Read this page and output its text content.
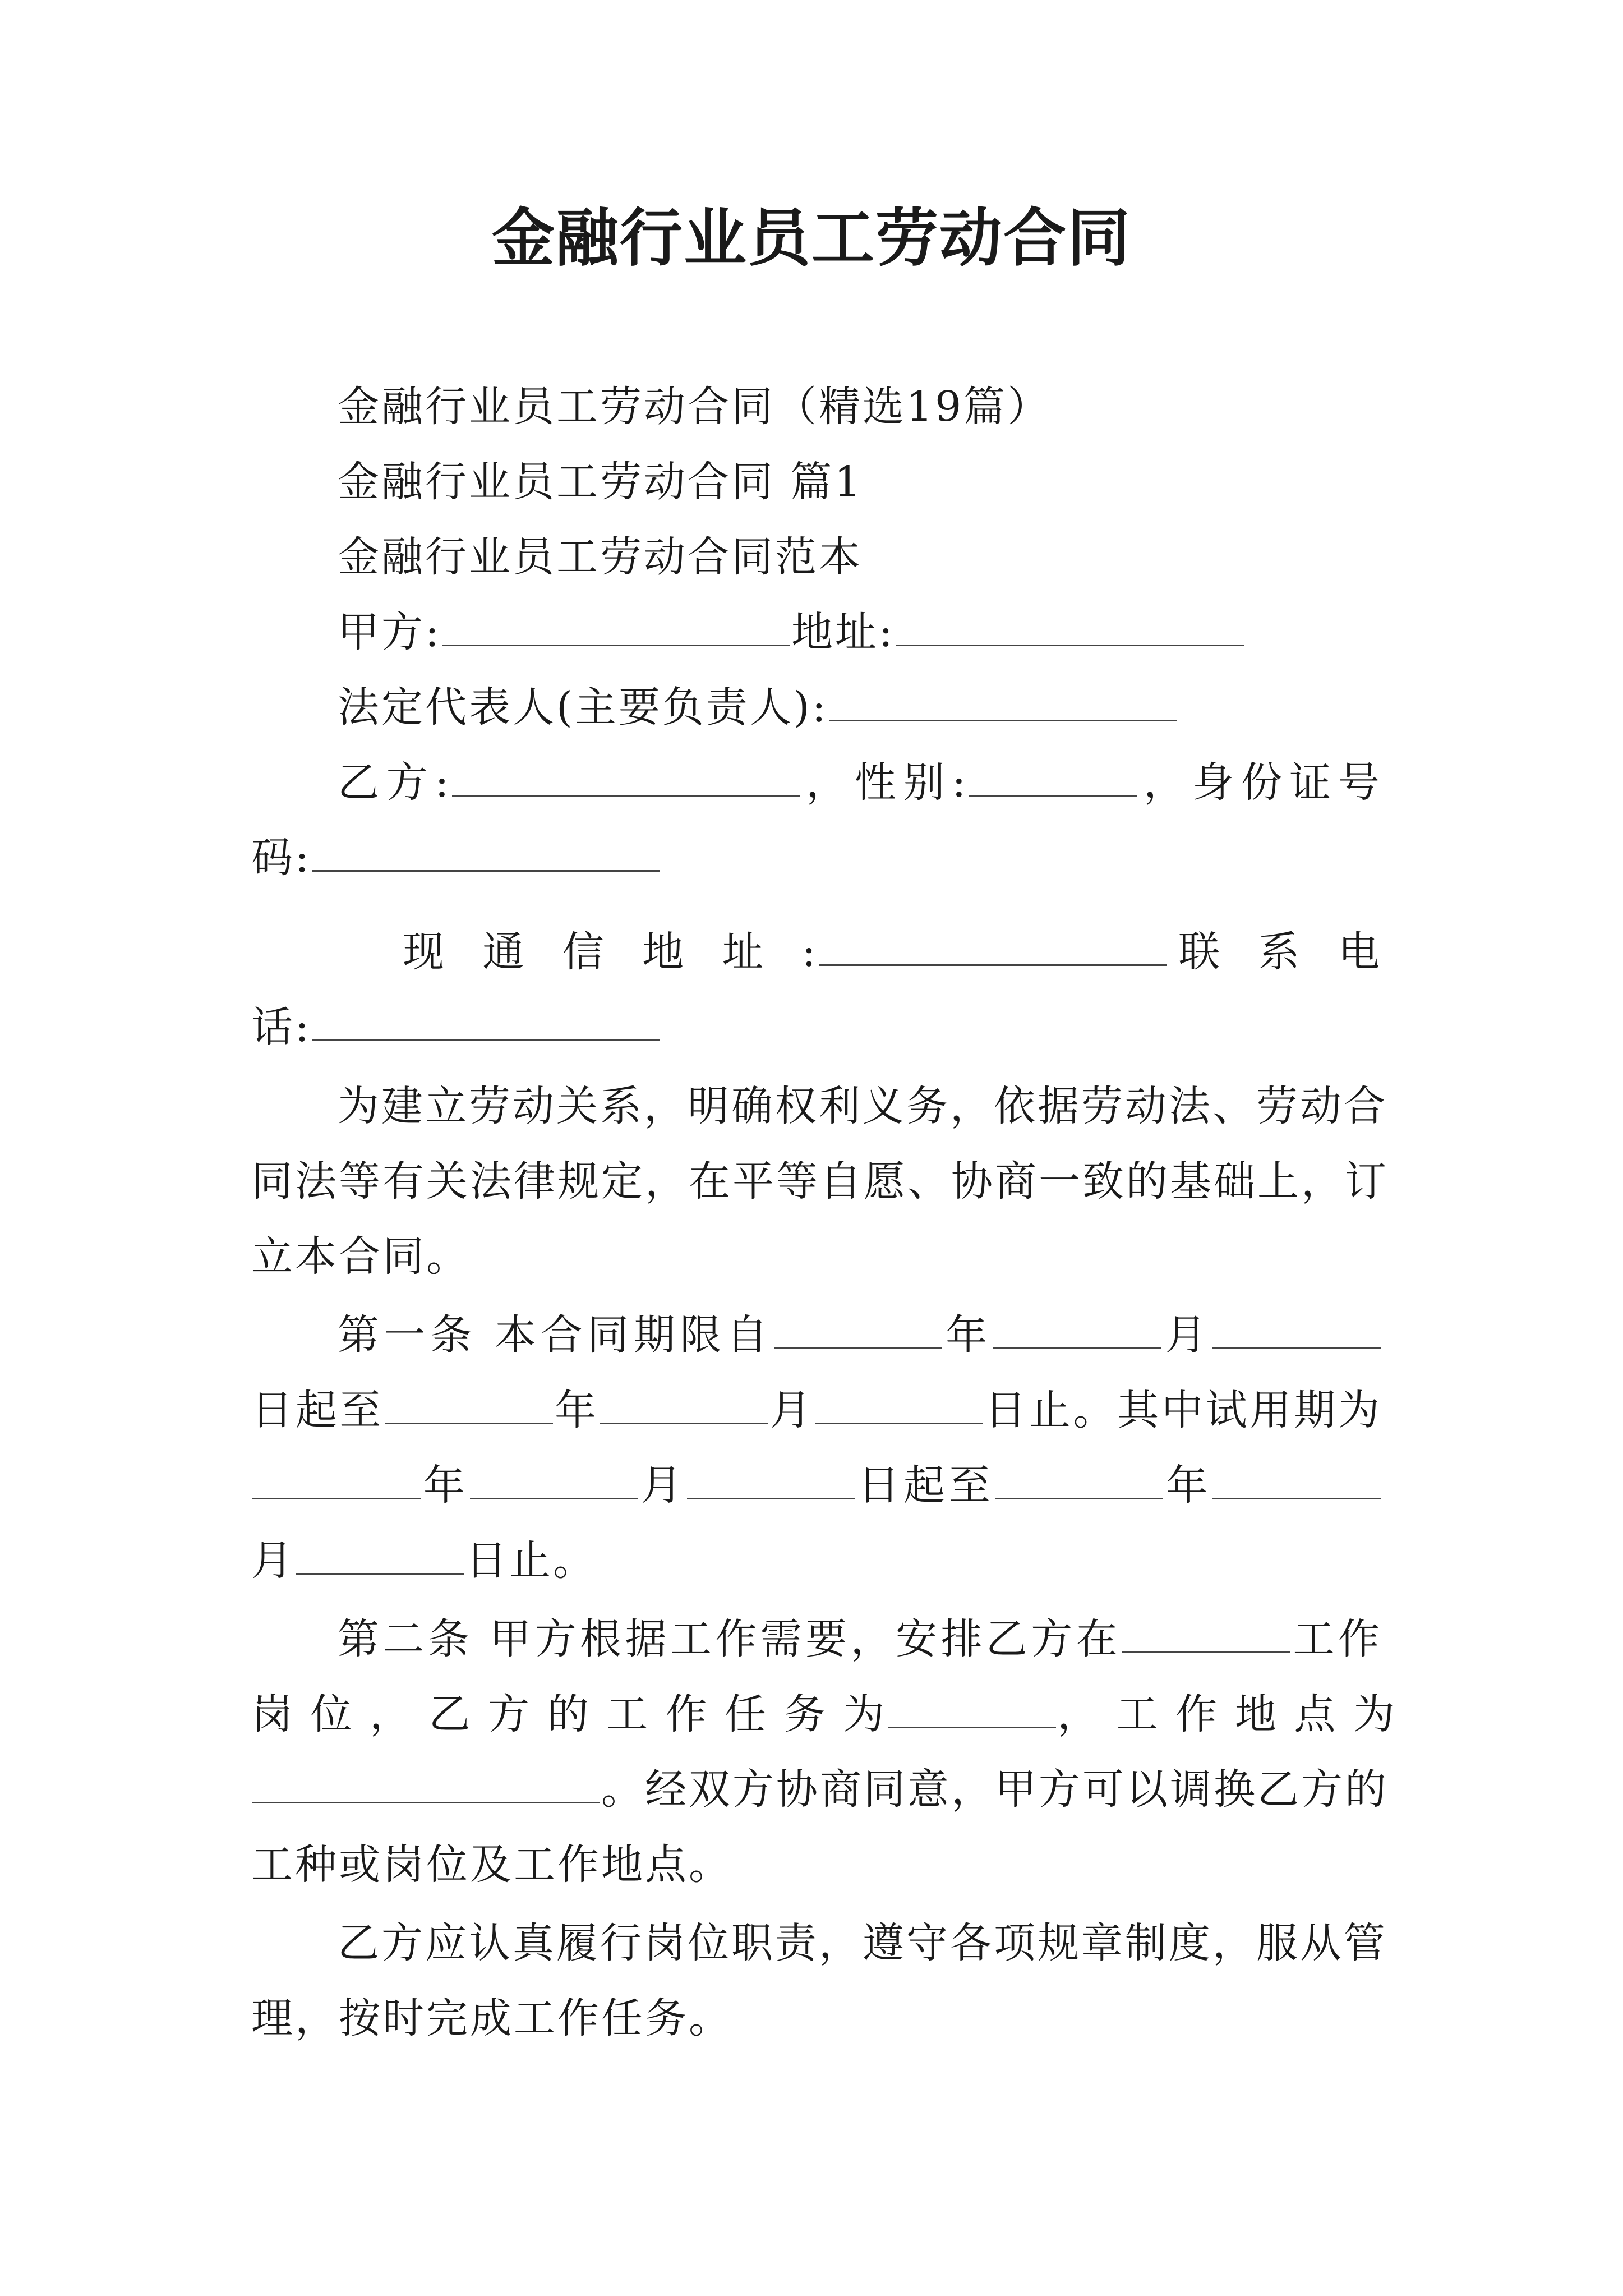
金融行业员工劳动合同
金融行业员工劳动合同（精选19篇）
金融行业员工劳动合同 篇1
金融行业员工劳动合同范本
甲方:	地址:
法定代表人(主要负责人):
乙方:	，性别:	，身份证号
码:
现 通 信 地 址 :	联 系 电
话:
为建立劳动关系，明确权利义务，依据劳动法、劳动合
同法等有关法律规定，在平等自愿、协商一致的基础上，订
立本合同。
第一条 本合同期限自	年	月
日起至	年	月	日止。其中试用期为
年	月	日起至	年
月	日止。
第二条 甲方根据工作需要，安排乙方在	工作
岗 位 ， 乙 方 的 工 作 任 务 为	， 工 作 地 点 为
。经双方协商同意，甲方可以调换乙方的
工种或岗位及工作地点。
乙方应认真履行岗位职责，遵守各项规章制度，服从管
理，按时完成工作任务。
